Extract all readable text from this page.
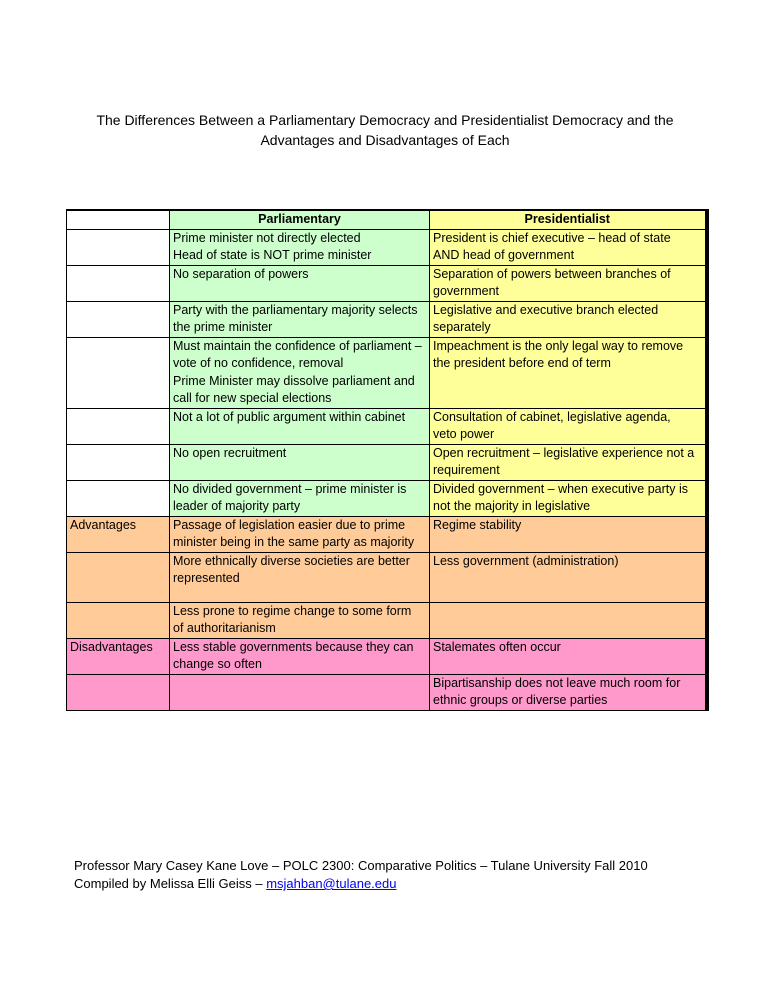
The Differences Between a Parliamentary Democracy and Presidentialist Democracy and the
Advantages and Disadvantages of Each
	Parliamentary	Presidentialist

	Prime minister not directly elected
Head of state is NOT prime minister	President is chief executive – head of state
AND head of government

	No separation of powers	Separation of powers between branches of
government

	Party with the parliamentary majority selects
the prime minister	Legislative and executive branch elected
separately

	Must maintain the confidence of parliament –
vote of no confidence, removal
Prime Minister may dissolve parliament and
call for new special elections	Impeachment is the only legal way to remove
the president before end of term

	Not a lot of public argument within cabinet	Consultation of cabinet, legislative agenda,
veto power

	No open recruitment	Open recruitment – legislative experience not a
requirement

	No divided government – prime minister is
leader of majority party	Divided government – when executive party is
not the majority in legislative

Advantages	Passage of legislation easier due to prime
minister being in the same party as majority	Regime stability

	More ethnically diverse societies are better
represented	Less government (administration)

	Less prone to regime change to some form
of authoritarianism	

Disadvantages	Less stable governments because they can
change so often	Stalemates often occur

		Bipartisanship does not leave much room for
ethnic groups or diverse parties
Professor Mary Casey Kane Love – POLC 2300: Comparative Politics – Tulane University Fall 2010
Compiled by Melissa Elli Geiss – msjahban@tulane.edu
